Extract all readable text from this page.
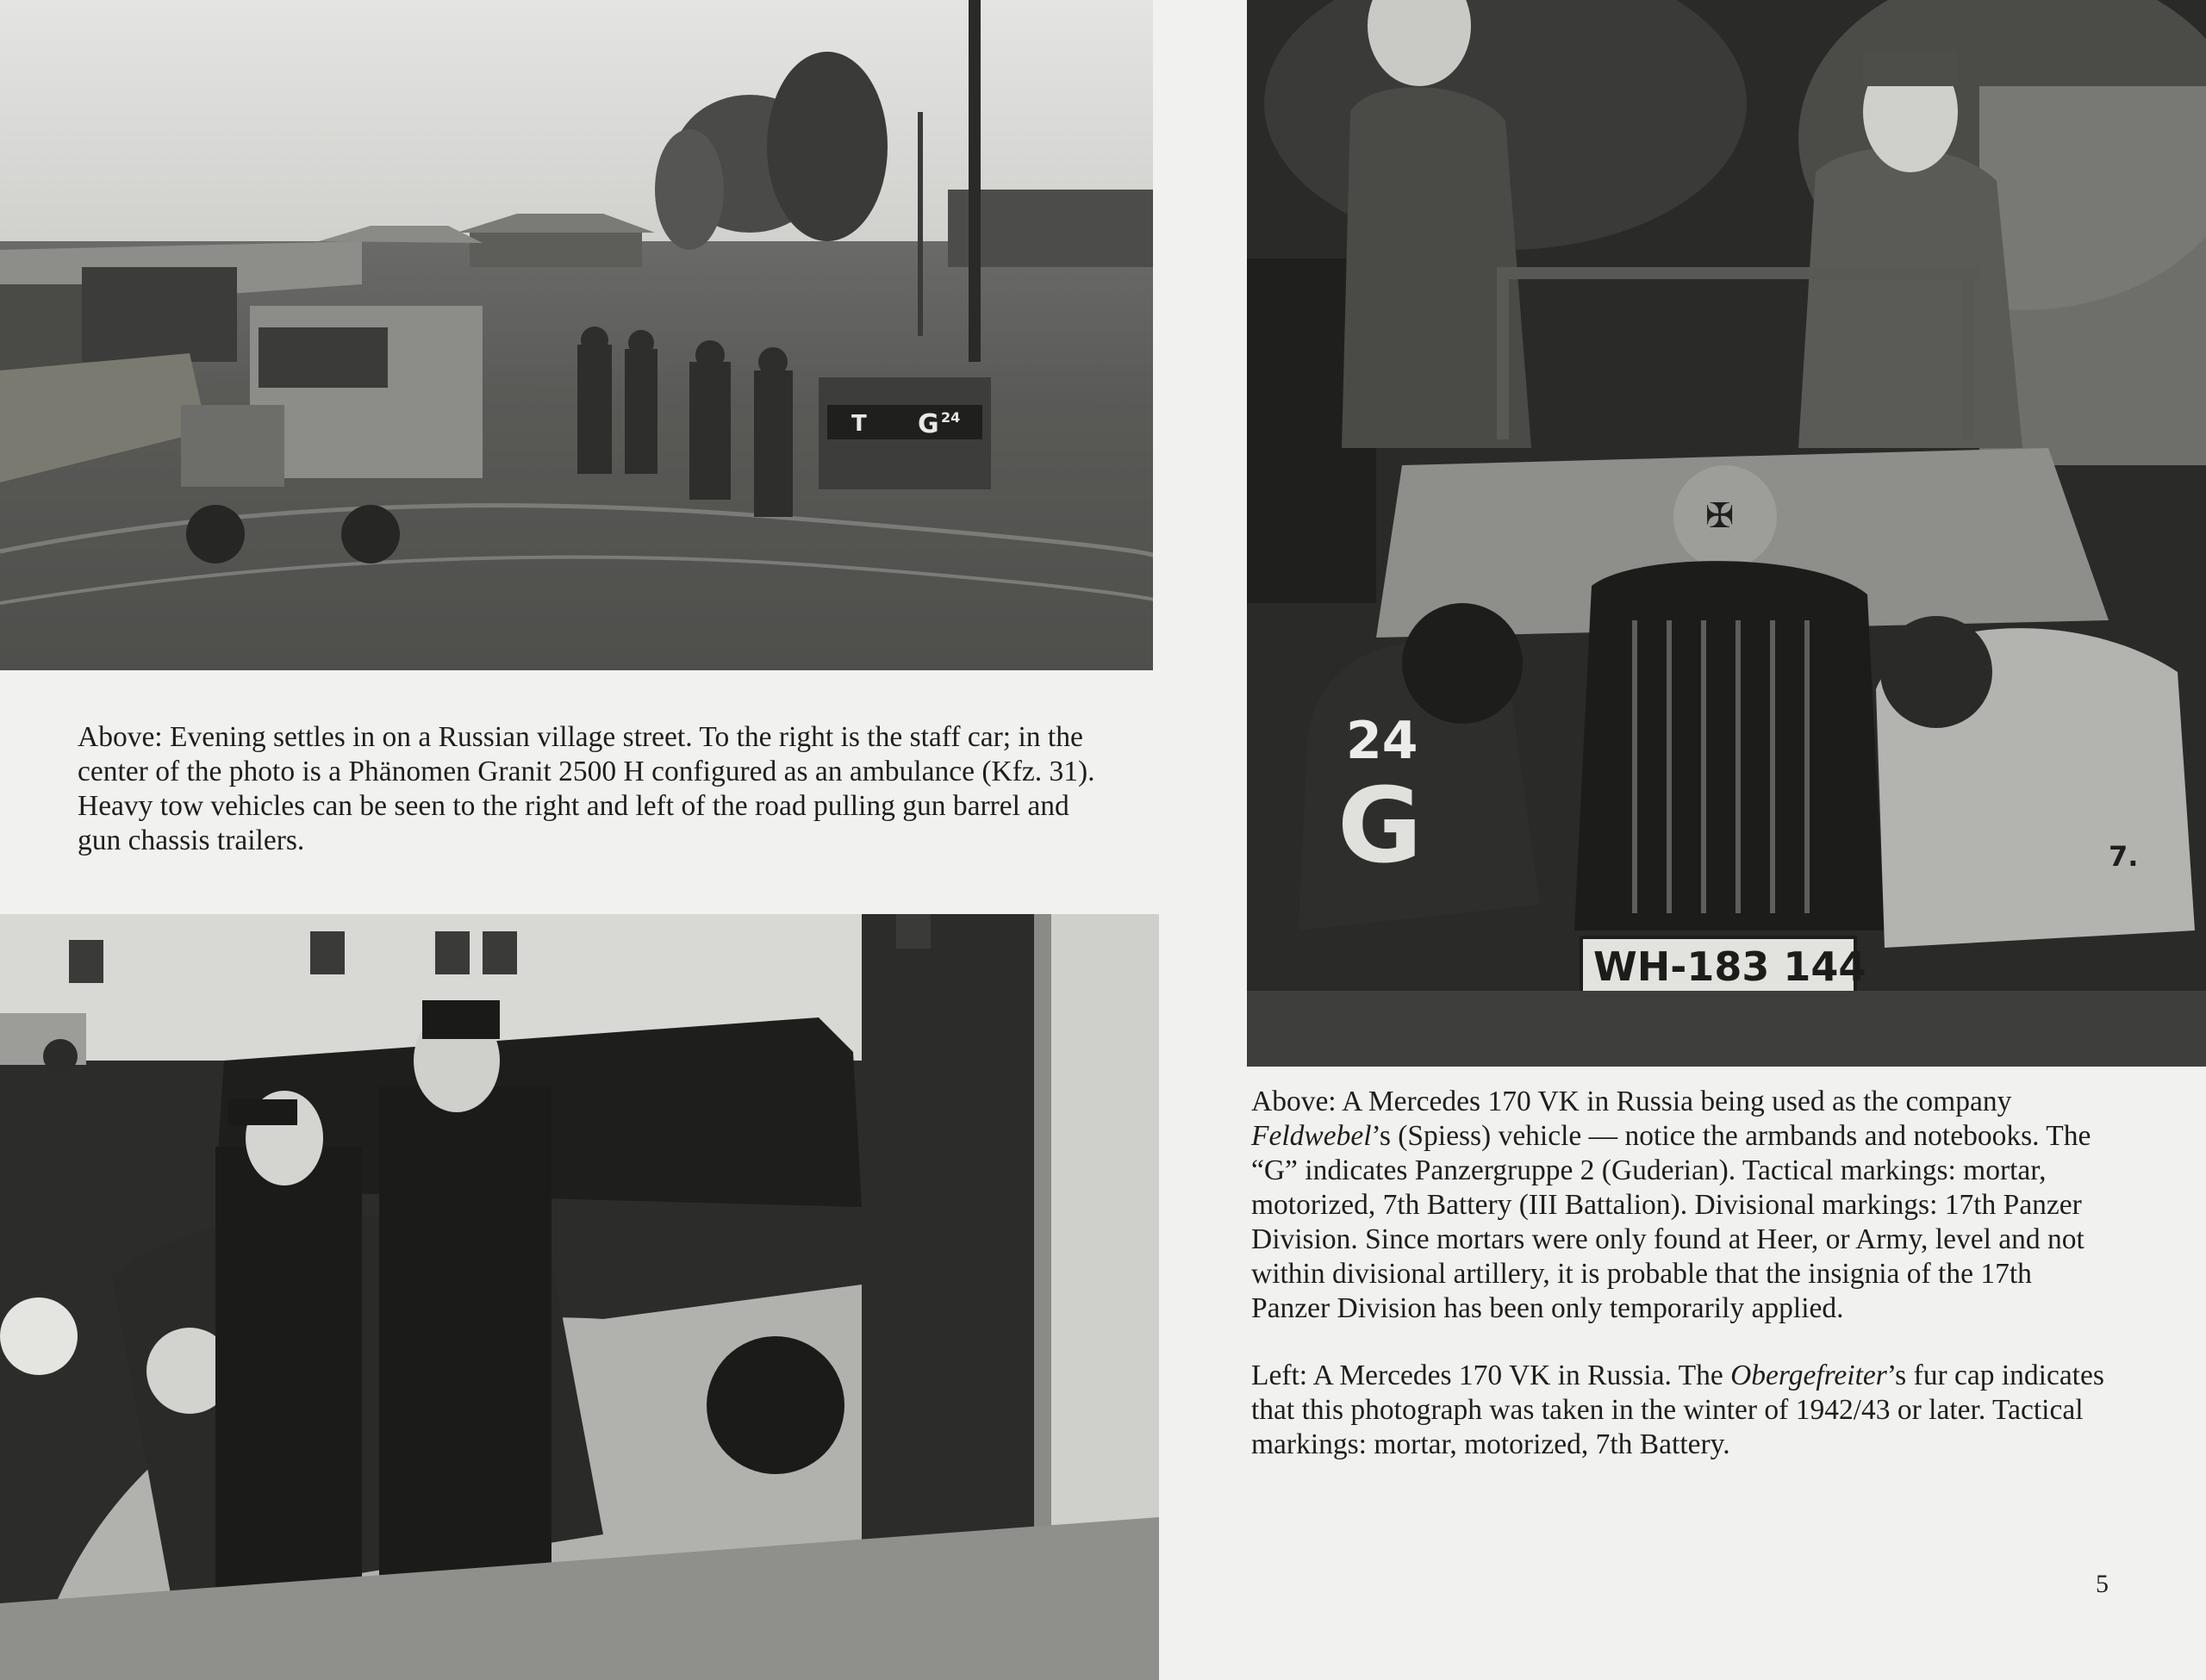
T G 24

Above: Evening settles in on a Russian village street. To the right is the staff car; in the center of the photo is a Phänomen Granit 2500 H configured as an ambulance (Kfz. 31). Heavy tow vehicles can be seen to the right and left of the road pulling gun barrel and gun chassis trailers.

✠
24
G	7.
WH-183 144

Above: A Mercedes 170 VK in Russia being used as the company Feldwebel’s (Spiess) vehicle — notice the armbands and notebooks. The “G” indicates Panzergruppe 2 (Guderian). Tactical markings: mortar, motorized, 7th Battery (III Battalion). Divisional markings: 17th Panzer Division. Since mortars were only found at Heer, or Army, level and not within divisional artillery, it is probable that the insignia of the 17th Panzer Division has been only temporarily applied.

Left: A Mercedes 170 VK in Russia. The Obergefreiter’s fur cap indicates that this photograph was taken in the winter of 1942/43 or later. Tactical markings: mortar, motorized, 7th Battery.

5
